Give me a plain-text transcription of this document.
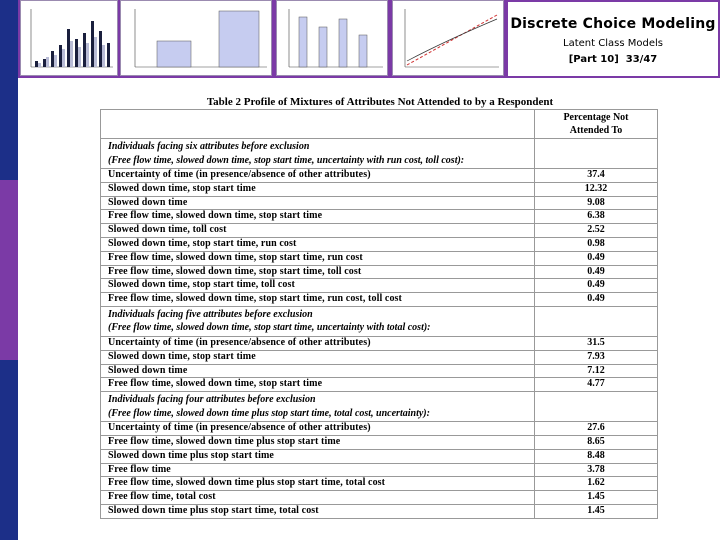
Discrete Choice Modeling
Latent Class Models
[Part 10] 33/47
Table 2 Profile of Mixtures of Attributes Not Attended to by a Respondent
	Percentage Not
Attended To
Individuals facing six attributes before exclusion
(Free flow time, slowed down time, stop start time, uncertainty with run cost, toll cost):	
Uncertainty of time (in presence/absence of other attributes)	37.4
Slowed down time, stop start time	12.32
Slowed down time	9.08
Free flow time, slowed down time, stop start time	6.38
Slowed down time, toll cost	2.52
Slowed down time, stop start time, run cost	0.98
Free flow time, slowed down time, stop start time, run cost	0.49
Free flow time, slowed down time, stop start time, toll cost	0.49
Slowed down time, stop start time, toll cost	0.49
Free flow time, slowed down time, stop start time, run cost, toll cost	0.49
Individuals facing five attributes before exclusion
(Free flow time, slowed down time, stop start time, uncertainty with total cost):	
Uncertainty of time (in presence/absence of other attributes)	31.5
Slowed down time, stop start time	7.93
Slowed down time	7.12
Free flow time, slowed down time, stop start time	4.77
Individuals facing four attributes before exclusion
(Free flow time, slowed down time plus stop start time, total cost, uncertainty):	
Uncertainty of time (in presence/absence of other attributes)	27.6
Free flow time, slowed down time plus stop start time	8.65
Slowed down time plus stop start time	8.48
Free flow time	3.78
Free flow time, slowed down time plus stop start time, total cost	1.62
Free flow time, total cost	1.45
Slowed down time plus stop start time, total cost	1.45
